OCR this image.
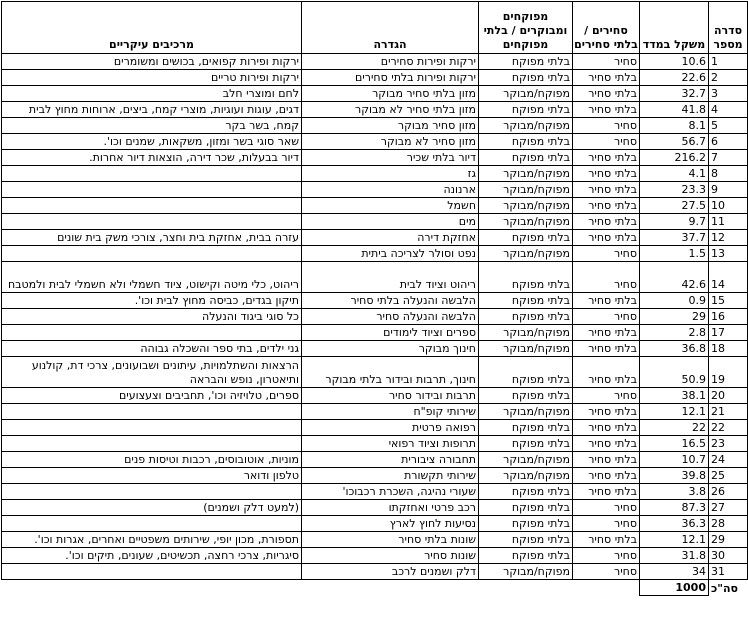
סדרה מספר	משקל במדד	סחירים / בלתי סחירים	מפוקחים ומבוקרים / בלתי מפוקחים	הגדרה	מרכיבים עיקריים
1	10.6	סחיר	בלתי מפוקח	ירקות ופירות סחירים	ירקות ופירות קפואים, בכושים ומשומרים
2	22.6	בלתי סחיר	בלתי מפוקח	ירקות ופירות בלתי סחירים	ירקות ופירות טריים
3	32.7	בלתי סחיר	מפוקח/מבוקר	מזון בלתי סחיר מבוקר	לחם ומוצרי חלב
4	41.8	בלתי סחיר	בלתי מפוקח	מזון בלתי סחיר לא מבוקר	דגים, עוגות ועוגיות, מוצרי קמח, ביצים, ארוחות מחוץ לבית
5	8.1	סחיר	מפוקח/מבוקר	מזון סחיר מבוקר	קמח, בשר בקר
6	56.7	סחיר	בלתי מפוקח	מזון סחיר לא מבוקר	שאר סוגי בשר ומזון, משקאות, שמנים וכו'.
7	216.2	בלתי סחיר	בלתי מפוקח	דיור בלתי שכיר	דיור בבעלות, שכר דירה, הוצאות דיור אחרות.
8	4.1	בלתי סחיר	מפוקח/מבוקר	גז	
9	23.3	בלתי סחיר	מפוקח/מבוקר	ארנונה	
10	27.5	בלתי סחיר	מפוקח/מבוקר	חשמל	
11	9.7	בלתי סחיר	מפוקח/מבוקר	מים	
12	37.7	בלתי סחיר	בלתי מפוקח	אחזקת דירה	עזרה בבית, אחזקת בית וחצר, צורכי משק בית שונים
13	1.5	סחיר	מפוקח/מבוקר	נפט וסולר לצריכה ביתית	
14	42.6	סחיר	בלתי מפוקח	ריהוט וציוד לבית	ריהוט, כלי מיטה וקישוט, ציוד חשמלי ולא חשמלי לבית ולמטבח
15	0.9	בלתי סחיר	בלתי מפוקח	הלבשה והנעלה בלתי סחיר	תיקון בגדים, כביסה מחוץ לבית וכו'.
16	29	סחיר	בלתי מפוקח	הלבשה והנעלה סחיר	כל סוגי ביגוד והנעלה
17	2.8	בלתי סחיר	מפוקח/מבוקר	ספרים וציוד לימודים	
18	36.8	בלתי סחיר	מפוקח/מבוקר	חינוך מבוקר	גני ילדים, בתי ספר והשכלה גבוהה
19	50.9	בלתי סחיר	בלתי מפוקח	חינוך, תרבות ובידור בלתי מבוקר	הרצאות והשתלמויות, עיתונים ושבועונים, צרכי דת, קולנוע ותיאטרון, נופש והבראה
20	38.1	סחיר	בלתי מפוקח	תרבות ובידור סחיר	ספרים, טלויזיה וכו', תחביבים וצעצועים
21	12.1	בלתי סחיר	מפוקח/מבוקר	שירותי קופ"ח	
22	22	בלתי סחיר	בלתי מפוקח	רפואה פרטית	
23	16.5	בלתי סחיר	בלתי מפוקח	תרופות וציוד רפואי	
24	10.7	בלתי סחיר	מפוקח/מבוקר	תחבורה ציבורית	מוניות, אוטובוסים, רכבות וטיסות פנים
25	39.8	בלתי סחיר	מפוקח/מבוקר	שירותי תקשורת	טלפון ודואר
26	3.8	בלתי סחיר	בלתי מפוקח	שעורי נהיגה, השכרת רכבוכו'	
27	87.3	סחיר	בלתי מפוקח	רכב פרטי ואחזקתו	(למעט דלק ושמנים)
28	36.3	סחיר	בלתי מפוקח	נסיעות לחוץ לארץ	
29	12.1	בלתי סחיר	בלתי מפוקח	שונות בלתי סחיר	תספורת, מכון יופי, שירותים משפטיים ואחרים, אגרות וכו'.
30	31.8	סחיר	בלתי מפוקח	שונות סחיר	סיגריות, צרכי רחצה, תכשיטים, שעונים, תיקים וכו'.
31	34	סחיר	מפוקח/מבוקר	דלק ושמנים לרכב	
סה"כ	1000				
